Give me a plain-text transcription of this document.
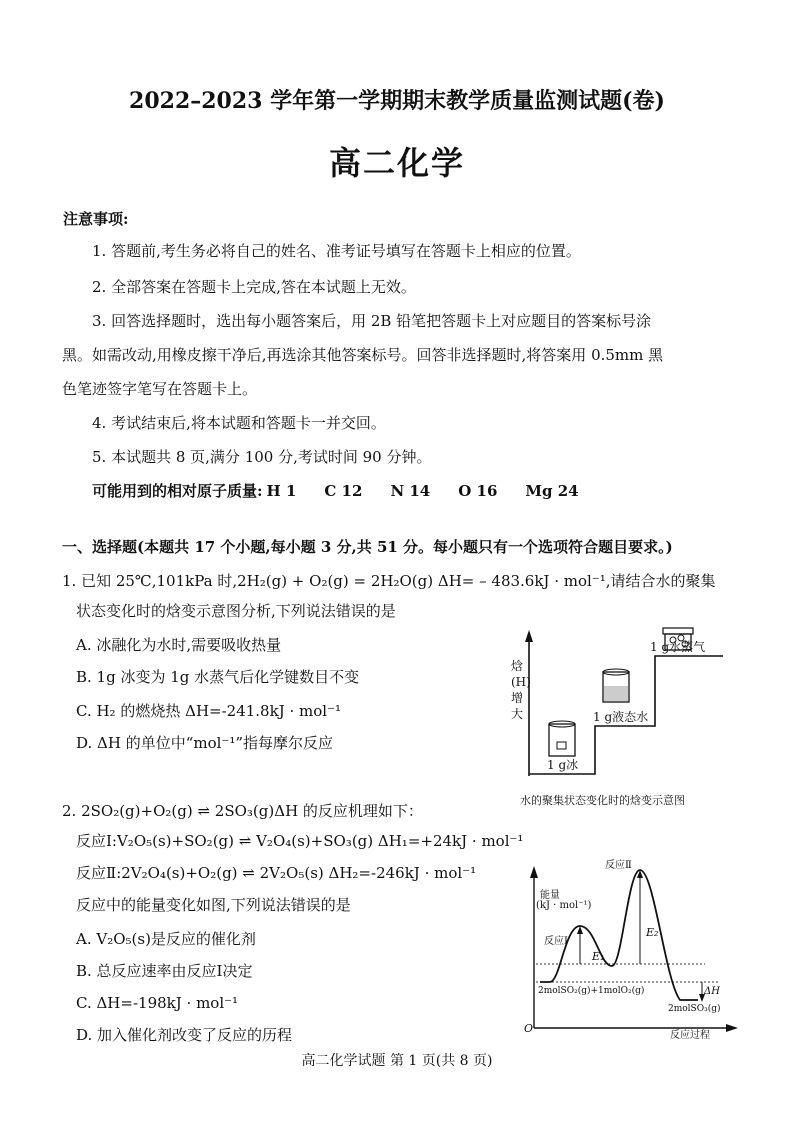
2022–2023 学年第一学期期末教学质量监测试题(卷)
高二化学
注意事项:
1. 答题前,考生务必将自己的姓名、准考证号填写在答题卡上相应的位置。
2. 全部答案在答题卡上完成,答在本试题上无效。
3. 回答选择题时，选出每小题答案后，用 2B 铅笔把答题卡上对应题目的答案标号涂
黑。如需改动,用橡皮擦干净后,再选涂其他答案标号。回答非选择题时,将答案用 0.5mm 黑
色笔迹签字笔写在答题卡上。
4. 考试结束后,将本试题和答题卡一并交回。
5. 本试题共 8 页,满分 100 分,考试时间 90 分钟。
可能用到的相对原子质量: H 1 C 12 N 14 O 16 Mg 24
一、选择题(本题共 17 个小题,每小题 3 分,共 51 分。每小题只有一个选项符合题目要求。)
1. 已知 25℃,101kPa 时,2H₂(g) + O₂(g) = 2H₂O(g) ΔH= – 483.6kJ · mol⁻¹,请结合水的聚集
状态变化时的焓变示意图分析,下列说法错误的是
A. 冰融化为水时,需要吸收热量
B. 1g 冰变为 1g 水蒸气后化学键数目不变
C. H₂ 的燃烧热 ΔH=-241.8kJ · mol⁻¹
D. ΔH 的单位中“mol⁻¹”指每摩尔反应
焓
(H)
增
大
1 g冰
1 g液态水
1 g水蒸气
水的聚集状态变化时的焓变示意图
2. 2SO₂(g)+O₂(g) ⇌ 2SO₃(g)ΔH 的反应机理如下：
反应Ⅰ:V₂O₅(s)+SO₂(g) ⇌ V₂O₄(s)+SO₃(g) ΔH₁=+24kJ · mol⁻¹
反应Ⅱ:2V₂O₄(s)+O₂(g) ⇌ 2V₂O₅(s) ΔH₂=-246kJ · mol⁻¹
反应中的能量变化如图,下列说法错误的是
A. V₂O₅(s)是反应的催化剂
B. 总反应速率由反应Ⅰ决定
C. ΔH=-198kJ · mol⁻¹
D. 加入催化剂改变了反应的历程
反应Ⅱ
能量
(kJ · mol⁻¹)
反应Ⅰ
E₁
E₂
2molSO₂(g)+1molO₂(g)	ΔH
2molSO₃(g)
O
反应过程
高二化学试题 第 1 页(共 8 页)
